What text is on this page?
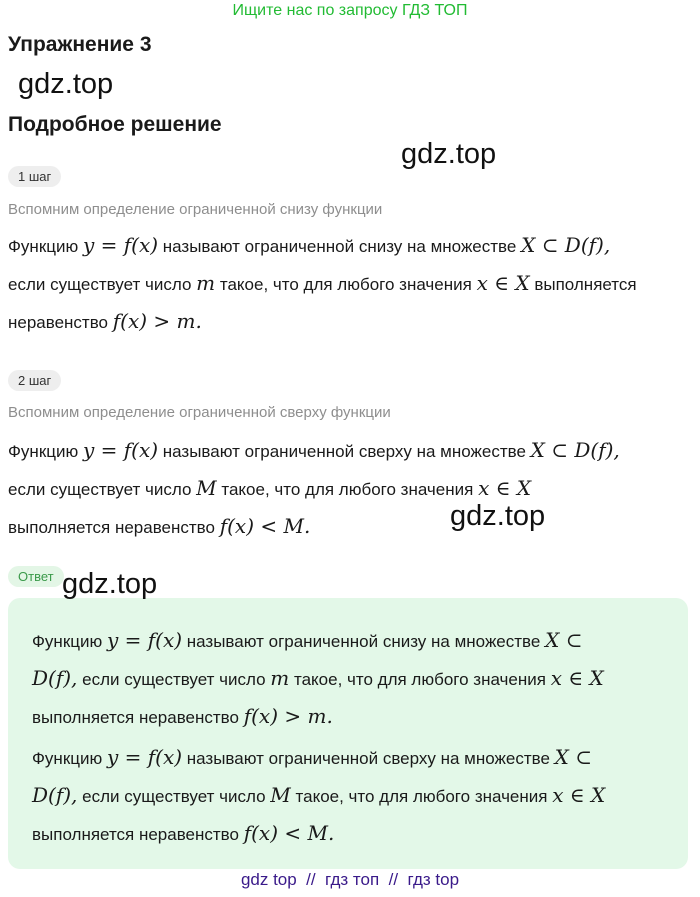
Ищите нас по запросу ГДЗ ТОП
Упражнение 3
gdz.top
Подробное решение
gdz.top
1 шаг
Вспомним определение ограниченной снизу функции
Функцию y = f(x) называют ограниченной снизу на множестве X ⊂ D(f),
если существует число m такое, что для любого значения x ∈ X выполняется
неравенство f(x) > m.
2 шаг
Вспомним определение ограниченной сверху функции
Функцию y = f(x) называют ограниченной сверху на множестве X ⊂ D(f),
если существует число M такое, что для любого значения x ∈ X
выполняется неравенство f(x) < M.	gdz.top
Ответ gdz.top
Функцию y = f(x) называют ограниченной снизу на множестве X ⊂
D(f), если существует число m такое, что для любого значения x ∈ X
выполняется неравенство f(x) > m.
Функцию y = f(x) называют ограниченной сверху на множестве X ⊂
D(f), если существует число M такое, что для любого значения x ∈ X
выполняется неравенство f(x) < M.
gdz top  //  гдз топ  //  гдз top
